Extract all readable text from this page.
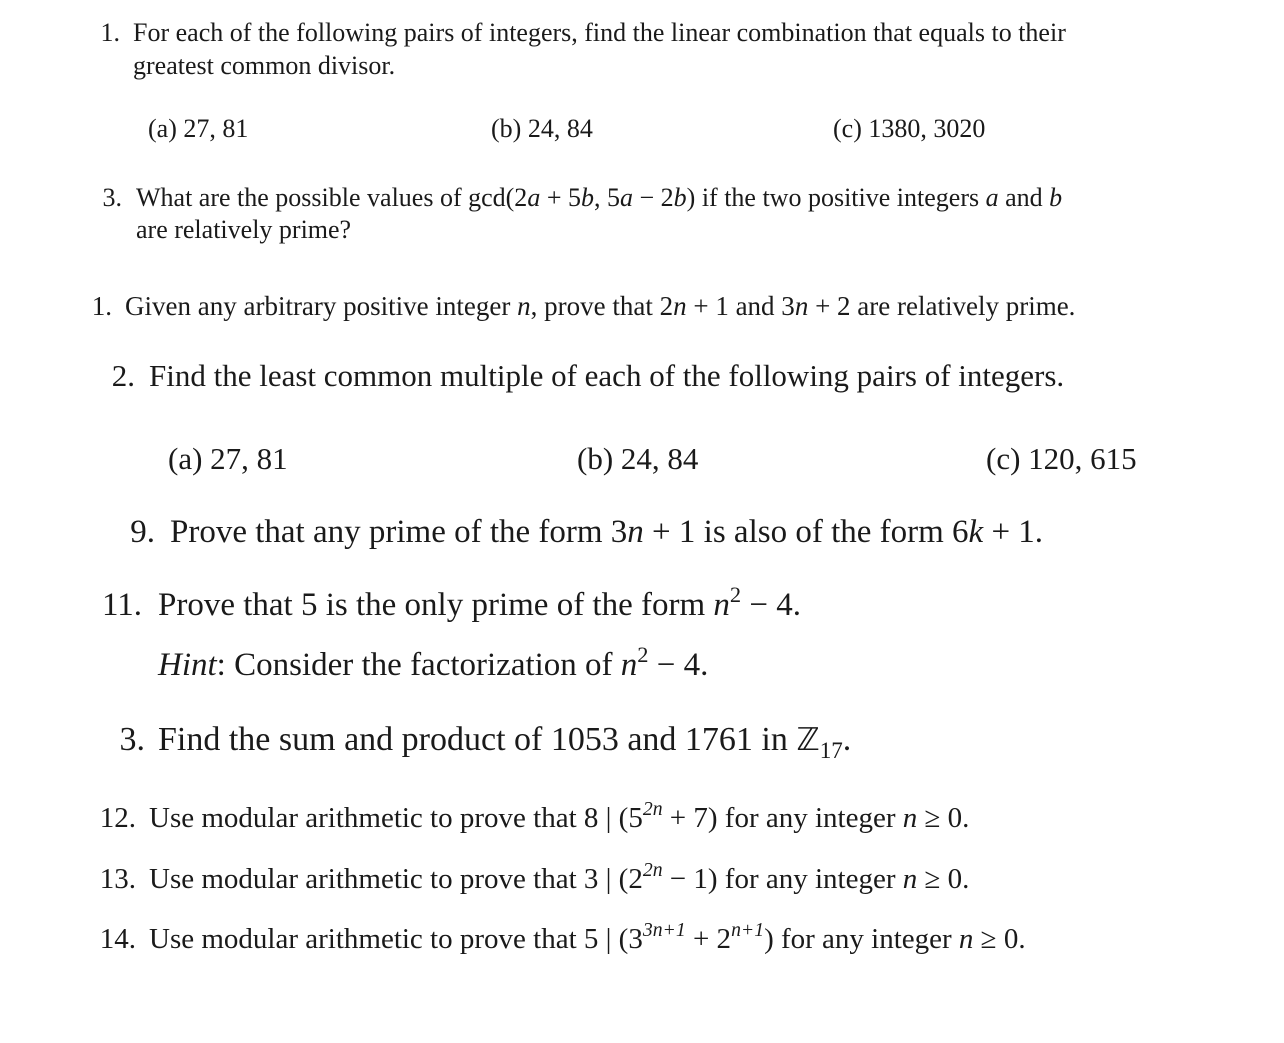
1. For each of the following pairs of integers, find the linear combination that equals to their
greatest common divisor.
(a) 27, 81	(b) 24, 84	(c) 1380, 3020
3. What are the possible values of gcd(2a + 5b, 5a − 2b) if the two positive integers a and b
are relatively prime?
1. Given any arbitrary positive integer n, prove that 2n + 1 and 3n + 2 are relatively prime.
2. Find the least common multiple of each of the following pairs of integers.
(a) 27, 81	(b) 24, 84	(c) 120, 615
9. Prove that any prime of the form 3n + 1 is also of the form 6k + 1.
11. Prove that 5 is the only prime of the form $n^2 - 4$.
Hint: Consider the factorization of $n^2 - 4$.
3. Find the sum and product of 1053 and 1761 in ℤ$_{17}$.
12. Use modular arithmetic to prove that 8 | $(5^{2n} + 7)$ for any integer n ≥ 0.
13. Use modular arithmetic to prove that 3 | $(2^{2n} - 1)$ for any integer n ≥ 0.
14. Use modular arithmetic to prove that 5 | $(3^{3n+1} + 2^{n+1})$ for any integer n ≥ 0.
